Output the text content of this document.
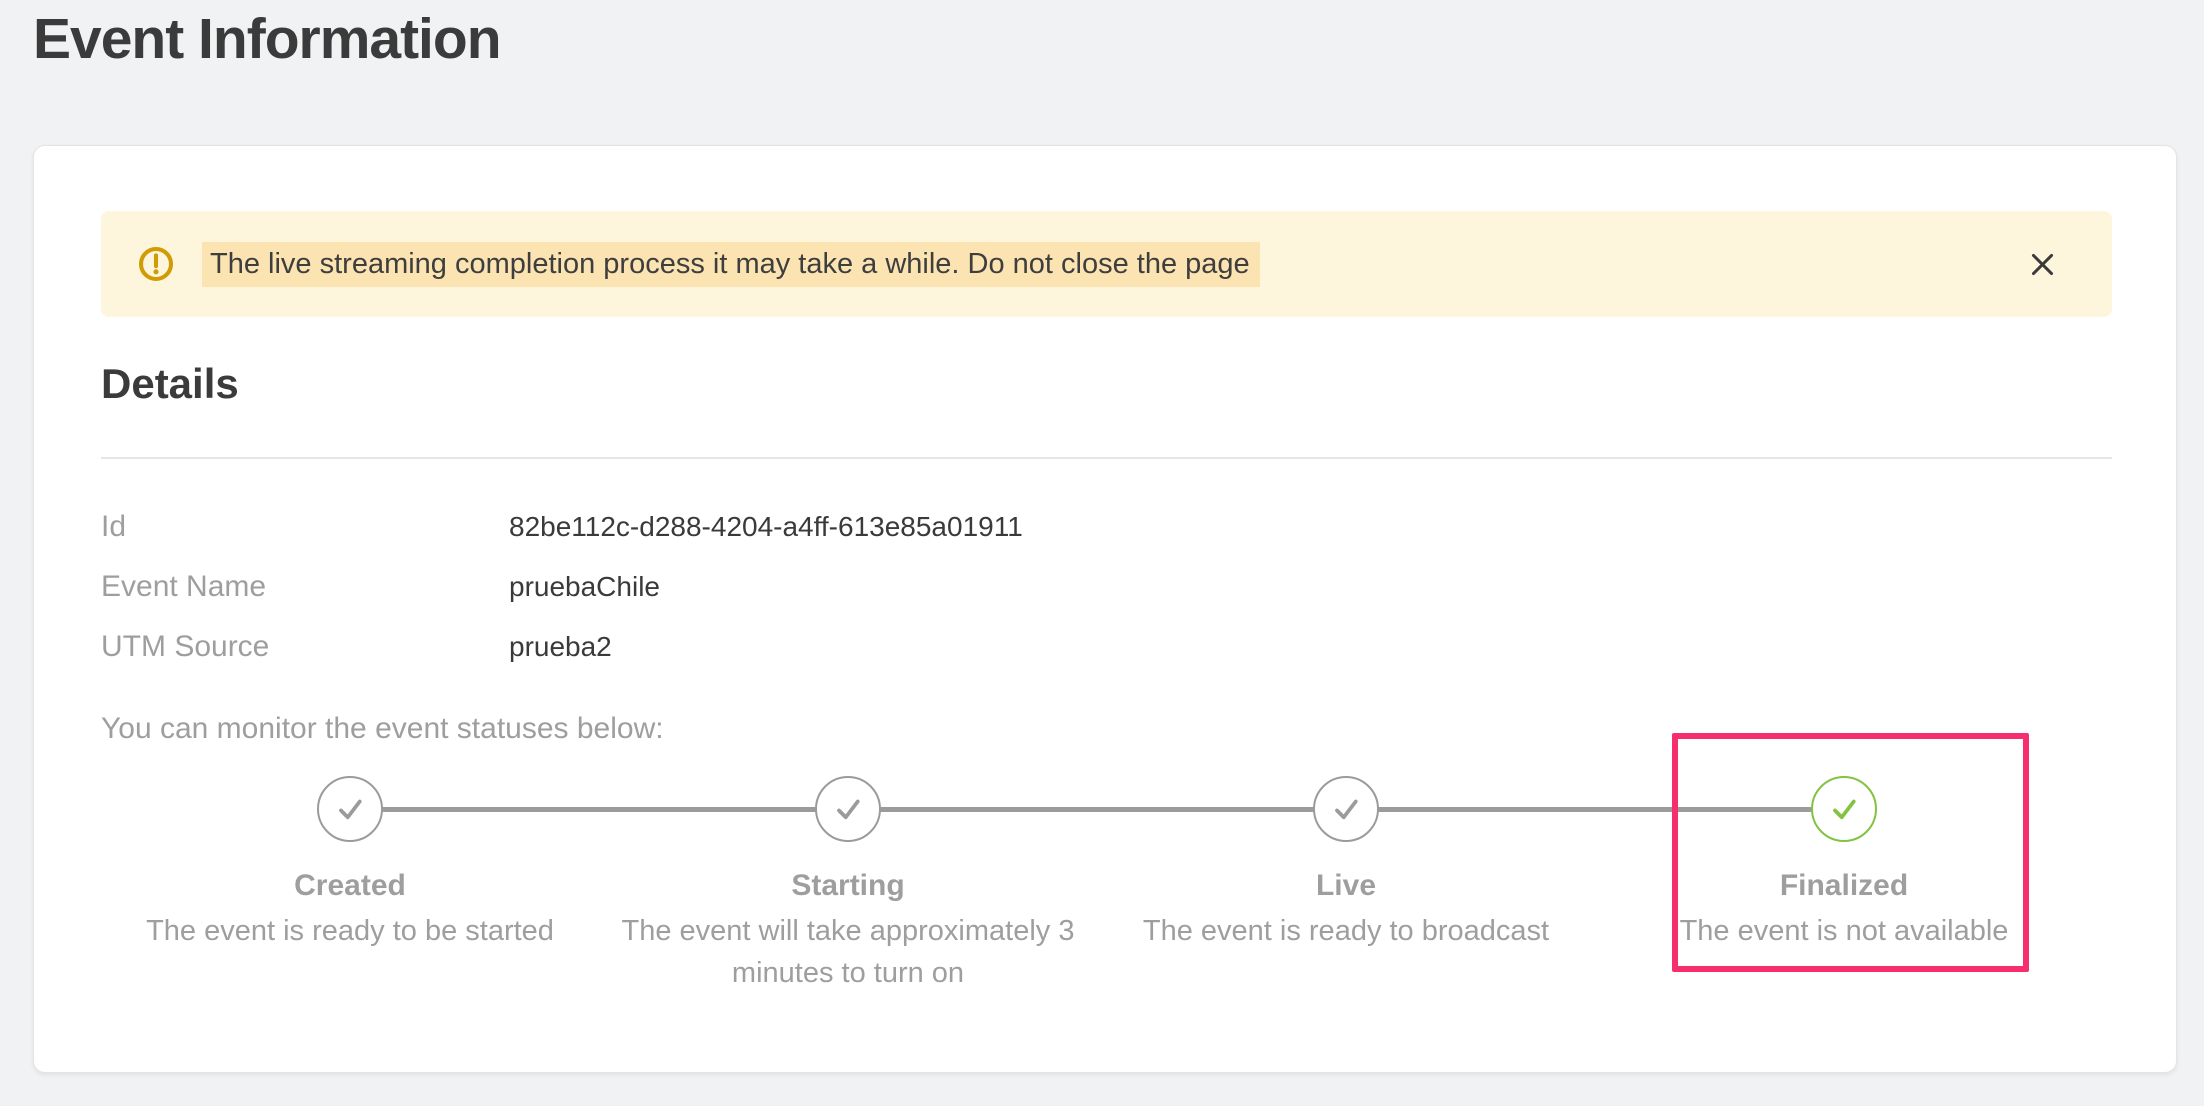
Event Information
The live streaming completion process it may take a while. Do not close the page
Details
Id	82be112c-d288-4204-a4ff-613e85a01911
Event Name	pruebaChile
UTM Source	prueba2

You can monitor the event statuses below:

Created
The event is ready to be started
Starting
The event will take approximately 3 minutes to turn on
Live
The event is ready to broadcast
Finalized
The event is not available
